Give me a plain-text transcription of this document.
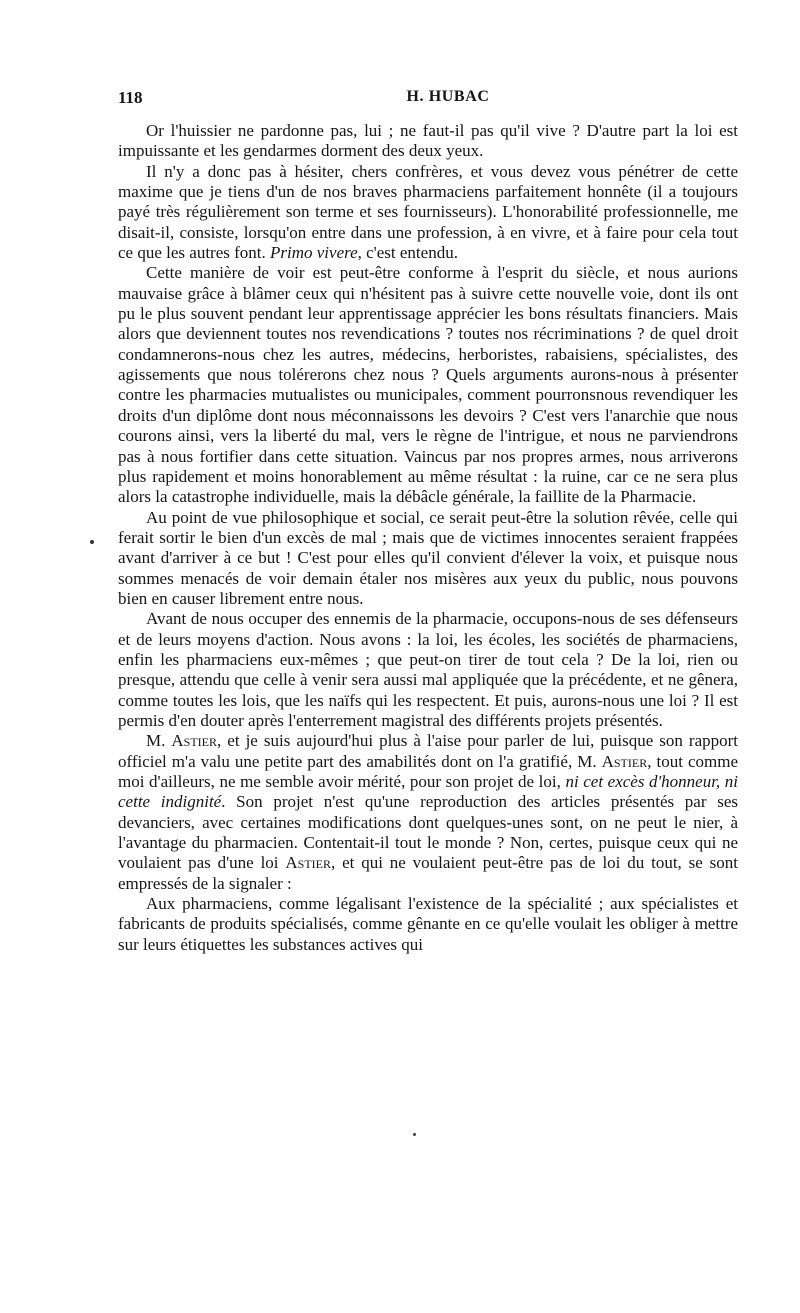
118	H. HUBAC

Or l'huissier ne pardonne pas, lui ; ne faut-il pas qu'il vive ? D'autre part la loi est impuissante et les gendarmes dorment des deux yeux.

Il n'y a donc pas à hésiter, chers confrères, et vous devez vous pénétrer de cette maxime que je tiens d'un de nos braves pharmaciens parfaitement honnête (il a toujours payé très régulièrement son terme et ses fournisseurs). L'honorabilité professionnelle, me disait-il, consiste, lorsqu'on entre dans une profession, à en vivre, et à faire pour cela tout ce que les autres font. Primo vivere, c'est entendu.

Cette manière de voir est peut-être conforme à l'esprit du siècle, et nous aurions mauvaise grâce à blâmer ceux qui n'hésitent pas à suivre cette nouvelle voie, dont ils ont pu le plus souvent pendant leur apprentissage apprécier les bons résultats financiers. Mais alors que deviennent toutes nos revendications ? toutes nos récriminations ? de quel droit condamnerons-nous chez les autres, médecins, herboristes, rabaisiens, spécialistes, des agissements que nous tolérerons chez nous ? Quels arguments aurons-nous à présenter contre les pharmacies mutualistes ou municipales, comment pourronsnous revendiquer les droits d'un diplôme dont nous méconnaissons les devoirs ? C'est vers l'anarchie que nous courons ainsi, vers la liberté du mal, vers le règne de l'intrigue, et nous ne parviendrons pas à nous fortifier dans cette situation. Vaincus par nos propres armes, nous arriverons plus rapidement et moins honorablement au même résultat : la ruine, car ce ne sera plus alors la catastrophe individuelle, mais la débâcle générale, la faillite de la Pharmacie.

Au point de vue philosophique et social, ce serait peut-être la solution rêvée, celle qui ferait sortir le bien d'un excès de mal ; mais que de victimes innocentes seraient frappées avant d'arriver à ce but ! C'est pour elles qu'il convient d'élever la voix, et puisque nous sommes menacés de voir demain étaler nos misères aux yeux du public, nous pouvons bien en causer librement entre nous.

Avant de nous occuper des ennemis de la pharmacie, occupons-nous de ses défenseurs et de leurs moyens d'action. Nous avons : la loi, les écoles, les sociétés de pharmaciens, enfin les pharmaciens eux-mêmes ; que peut-on tirer de tout cela ? De la loi, rien ou presque, attendu que celle à venir sera aussi mal appliquée que la précédente, et ne gênera, comme toutes les lois, que les naïfs qui les respectent. Et puis, aurons-nous une loi ? Il est permis d'en douter après l'enterrement magistral des différents projets présentés.

M. Astier, et je suis aujourd'hui plus à l'aise pour parler de lui, puisque son rapport officiel m'a valu une petite part des amabilités dont on l'a gratifié, M. Astier, tout comme moi d'ailleurs, ne me semble avoir mérité, pour son projet de loi, ni cet excès d'honneur, ni cette indignité. Son projet n'est qu'une reproduction des articles présentés par ses devanciers, avec certaines modifications dont quelques-unes sont, on ne peut le nier, à l'avantage du pharmacien. Contentait-il tout le monde ? Non, certes, puisque ceux qui ne voulaient pas d'une loi Astier, et qui ne voulaient peut-être pas de loi du tout, se sont empressés de la signaler :

Aux pharmaciens, comme légalisant l'existence de la spécialité ; aux spécialistes et fabricants de produits spécialisés, comme gênante en ce qu'elle voulait les obliger à mettre sur leurs étiquettes les substances actives qui
